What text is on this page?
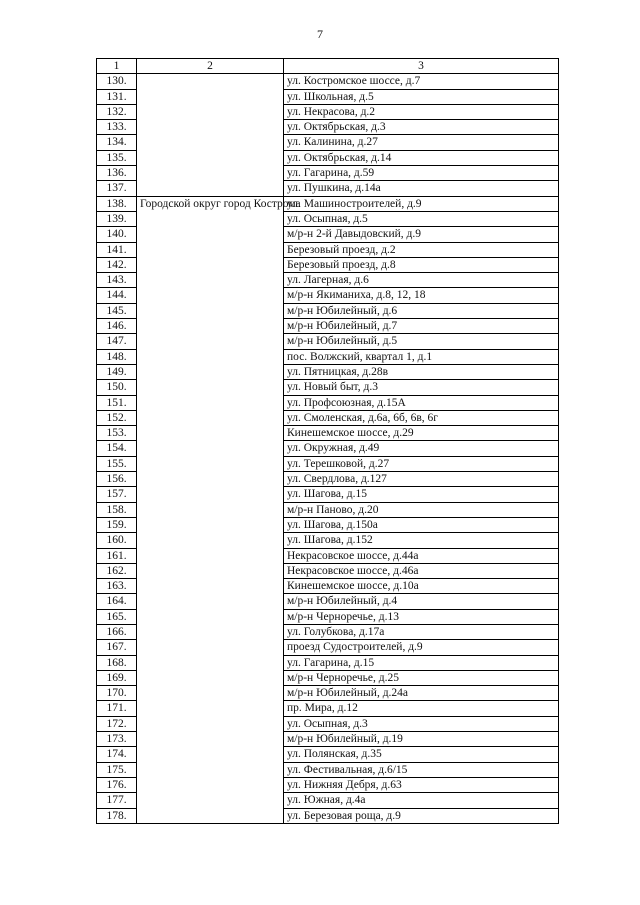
7
1	2	3
130.		ул. Костромское шоссе, д.7
131.		ул. Школьная, д.5
132.		ул. Некрасова, д.2
133.		ул. Октябрьская, д.3
134.		ул. Калинина, д.27
135.		ул. Октябрьская, д.14
136.		ул. Гагарина, д.59
137.		ул. Пушкина, д.14а
138.	Городской округ город Кострома	ул. Машиностроителей, д.9
139.		ул. Осыпная, д.5
140.		м/р-н 2-й Давыдовский, д.9
141.		Березовый проезд, д.2
142.		Березовый проезд, д.8
143.		ул. Лагерная, д.6
144.		м/р-н Якиманиха, д.8, 12, 18
145.		м/р-н Юбилейный, д.6
146.		м/р-н Юбилейный, д.7
147.		м/р-н Юбилейный, д.5
148.		пос. Волжский, квартал 1, д.1
149.		ул. Пятницкая, д.28в
150.		ул. Новый быт, д.3
151.		ул. Профсоюзная, д.15А
152.		ул. Смоленская, д.6а, 6б, 6в, 6г
153.		Кинешемское шоссе, д.29
154.		ул. Окружная, д.49
155.		ул. Терешковой, д.27
156.		ул. Свердлова, д.127
157.		ул. Шагова, д.15
158.		м/р-н Паново, д.20
159.		ул. Шагова, д.150а
160.		ул. Шагова, д.152
161.		Некрасовское шоссе, д.44а
162.		Некрасовское шоссе, д.46а
163.		Кинешемское шоссе, д.10а
164.		м/р-н Юбилейный, д.4
165.		м/р-н Черноречье, д.13
166.		ул. Голубкова, д.17а
167.		проезд Судостроителей, д.9
168.		ул. Гагарина, д.15
169.		м/р-н Черноречье, д.25
170.		м/р-н Юбилейный, д.24а
171.		пр. Мира, д.12
172.		ул. Осыпная, д.3
173.		м/р-н Юбилейный, д.19
174.		ул. Полянская, д.35
175.		ул. Фестивальная, д.6/15
176.		ул. Нижняя Дебря, д.63
177.		ул. Южная, д.4а
178.		ул. Березовая роща, д.9
